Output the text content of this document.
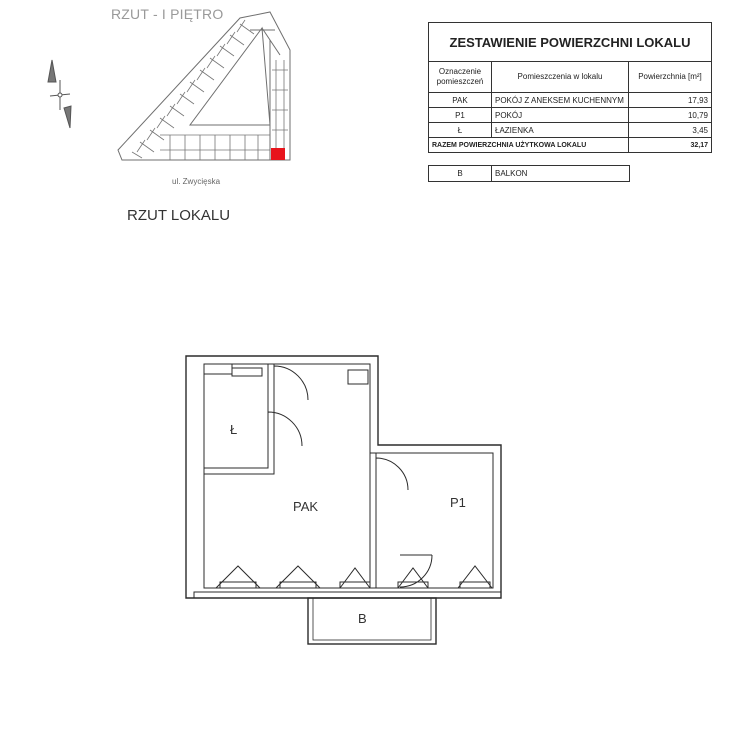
RZUT - I PIĘTRO
ul. Zwycięska
RZUT LOKALU
ZESTAWIENIE POWIERZCHNI LOKALU		
Oznaczenie pomieszczeń	Pomieszczenia w lokalu	Powierzchnia [m²]
PAK	POKÓJ Z ANEKSEM KUCHENNYM	17,93
P1	POKÓJ	10,79
Ł	ŁAZIENKA	3,45
RAZEM POWIERZCHNIA UŻYTKOWA LOKALU		32,17
B	BALKON
Ł
PAK	P1
B
